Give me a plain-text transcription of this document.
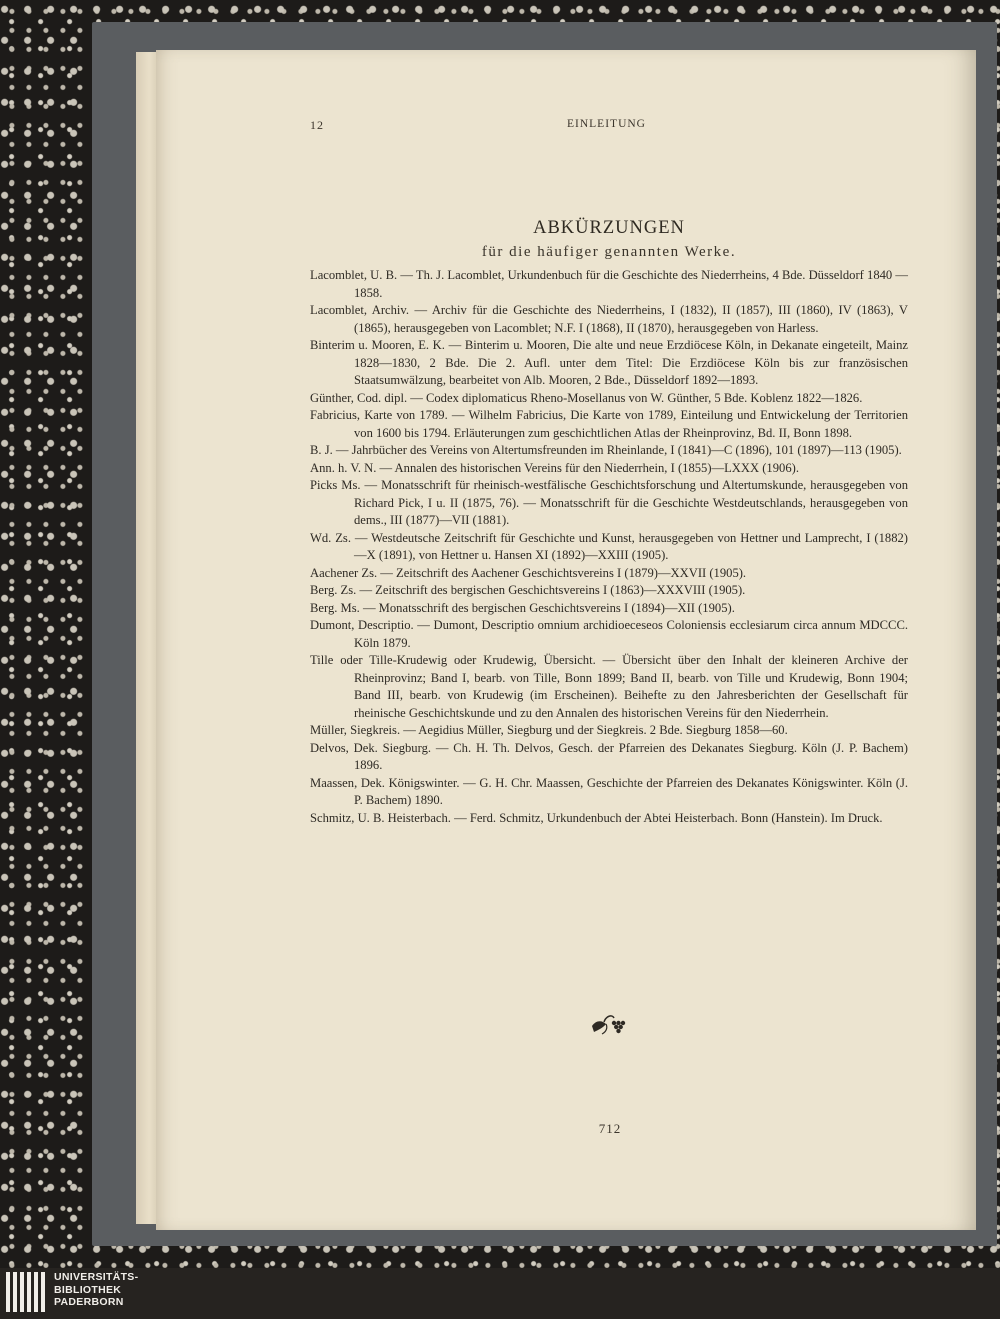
12	EINLEITUNG
ABKÜRZUNGEN
für die häufiger genannten Werke.

Lacomblet, U. B. — Th. J. Lacomblet, Urkundenbuch für die Geschichte des Niederrheins, 4 Bde. Düsseldorf 1840 —1858.

Lacomblet, Archiv. — Archiv für die Geschichte des Niederrheins, I (1832), II (1857), III (1860), IV (1863), V (1865), herausgegeben von Lacomblet; N.F. I (1868), II (1870), herausgegeben von Harless.

Binterim u. Mooren, E. K. — Binterim u. Mooren, Die alte und neue Erzdiöcese Köln, in Dekanate eingeteilt, Mainz 1828—1830, 2 Bde. Die 2. Aufl. unter dem Titel: Die Erzdiöcese Köln bis zur französischen Staatsumwälzung, bearbeitet von Alb. Mooren, 2 Bde., Düsseldorf 1892—1893.

Günther, Cod. dipl. — Codex diplomaticus Rheno-Mosellanus von W. Günther, 5 Bde. Koblenz 1822—1826.

Fabricius, Karte von 1789. — Wilhelm Fabricius, Die Karte von 1789, Einteilung und Entwickelung der Territorien von 1600 bis 1794. Erläuterungen zum geschichtlichen Atlas der Rheinprovinz, Bd. II, Bonn 1898.

B. J. — Jahrbücher des Vereins von Altertumsfreunden im Rheinlande, I (1841)—C (1896), 101 (1897)—113 (1905).

Ann. h. V. N. — Annalen des historischen Vereins für den Niederrhein, I (1855)—LXXX (1906).

Picks Ms. — Monatsschrift für rheinisch-westfälische Geschichtsforschung und Altertumskunde, herausgegeben von Richard Pick, I u. II (1875, 76). — Monatsschrift für die Geschichte Westdeutschlands, herausgegeben von dems., III (1877)—VII (1881).

Wd. Zs. — Westdeutsche Zeitschrift für Geschichte und Kunst, herausgegeben von Hettner und Lamprecht, I (1882)—X (1891), von Hettner u. Hansen XI (1892)—XXIII (1905).

Aachener Zs. — Zeitschrift des Aachener Geschichtsvereins I (1879)—XXVII (1905).

Berg. Zs. — Zeitschrift des bergischen Geschichtsvereins I (1863)—XXXVIII (1905).

Berg. Ms. — Monatsschrift des bergischen Geschichtsvereins I (1894)—XII (1905).

Dumont, Descriptio. — Dumont, Descriptio omnium archidioeceseos Coloniensis ecclesiarum circa annum MDCCC. Köln 1879.

Tille oder Tille-Krudewig oder Krudewig, Übersicht. — Übersicht über den Inhalt der kleineren Archive der Rheinprovinz; Band I, bearb. von Tille, Bonn 1899; Band II, bearb. von Tille und Krudewig, Bonn 1904; Band III, bearb. von Krudewig (im Erscheinen). Beihefte zu den Jahresberichten der Gesellschaft für rheinische Geschichtskunde und zu den Annalen des historischen Vereins für den Niederrhein.

Müller, Siegkreis. — Aegidius Müller, Siegburg und der Siegkreis. 2 Bde. Siegburg 1858—60.

Delvos, Dek. Siegburg. — Ch. H. Th. Delvos, Gesch. der Pfarreien des Dekanates Siegburg. Köln (J. P. Bachem) 1896.

Maassen, Dek. Königswinter. — G. H. Chr. Maassen, Geschichte der Pfarreien des Dekanates Königswinter. Köln (J. P. Bachem) 1890.

Schmitz, U. B. Heisterbach. — Ferd. Schmitz, Urkundenbuch der Abtei Heisterbach. Bonn (Hanstein). Im Druck.

712
UNIVERSITÄTS-
BIBLIOTHEK
PADERBORN
